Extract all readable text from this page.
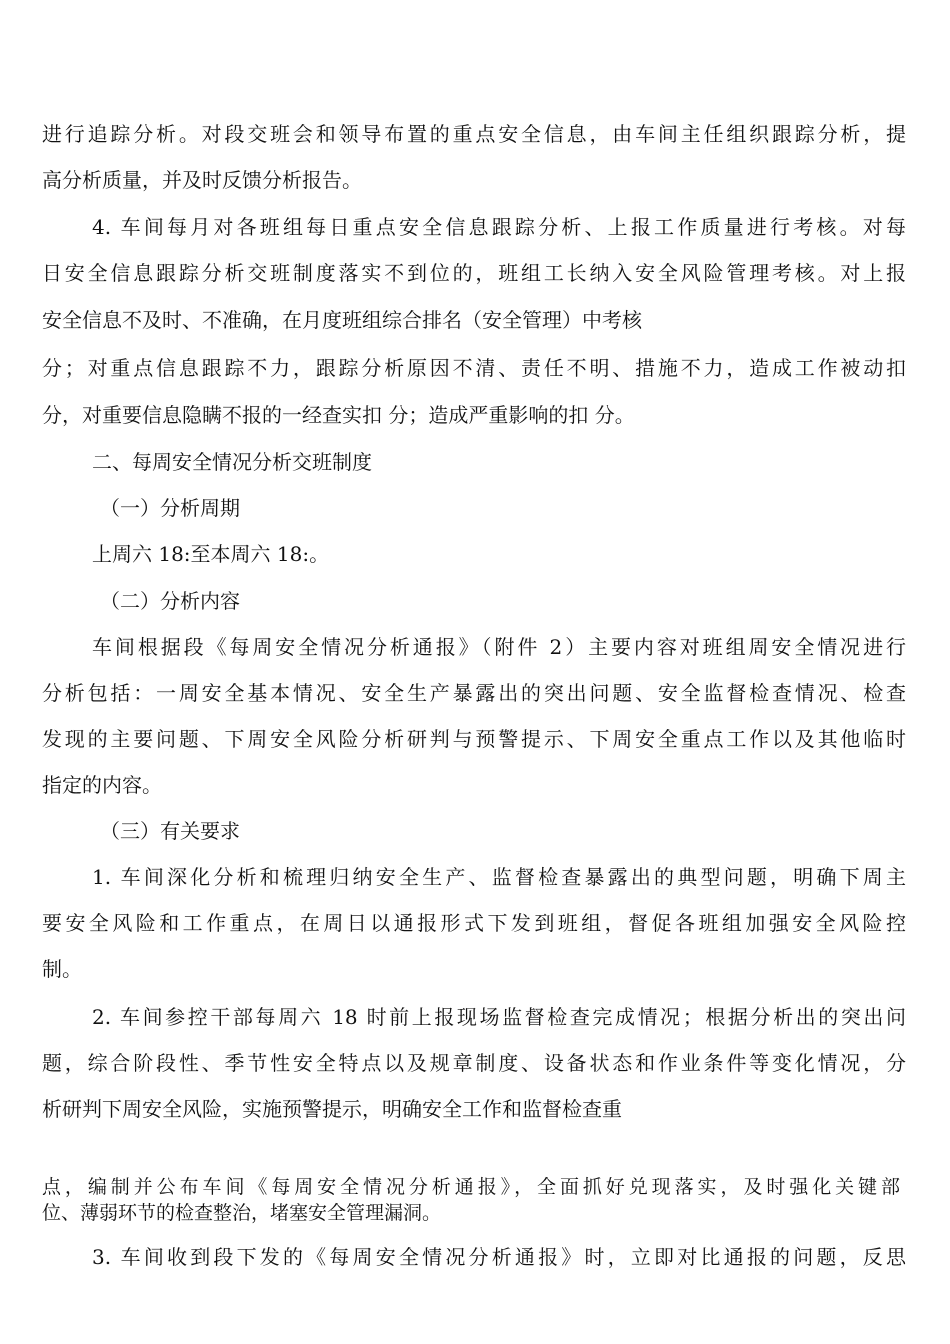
进行追踪分析。对段交班会和领导布置的重点安全信息，由车间主任组织跟踪分析，提
高分析质量，并及时反馈分析报告。
4. 车间每月对各班组每日重点安全信息跟踪分析、上报工作质量进行考核。对每
日安全信息跟踪分析交班制度落实不到位的，班组工长纳入安全风险管理考核。对上报
安全信息不及时、不准确，在月度班组综合排名（安全管理）中考核
分；对重点信息跟踪不力，跟踪分析原因不清、责任不明、措施不力，造成工作被动扣
分，对重要信息隐瞒不报的一经查实扣 分；造成严重影响的扣 分。
二、每周安全情况分析交班制度
（一）分析周期
上周六 18:至本周六 18:。
（二）分析内容
车间根据段《每周安全情况分析通报》（附件 2）主要内容对班组周安全情况进行
分析包括：一周安全基本情况、安全生产暴露出的突出问题、安全监督检查情况、检查
发现的主要问题、下周安全风险分析研判与预警提示、下周安全重点工作以及其他临时
指定的内容。
（三）有关要求
1. 车间深化分析和梳理归纳安全生产、监督检查暴露出的典型问题，明确下周主
要安全风险和工作重点，在周日以通报形式下发到班组，督促各班组加强安全风险控
制。
2. 车间参控干部每周六 18 时前上报现场监督检查完成情况；根据分析出的突出问
题，综合阶段性、季节性安全特点以及规章制度、设备状态和作业条件等变化情况，分
析研判下周安全风险，实施预警提示，明确安全工作和监督检查重
点，编制并公布车间《每周安全情况分析通报》，全面抓好兑现落实，及时强化关键部
位、薄弱环节的检查整治，堵塞安全管理漏洞。
3. 车间收到段下发的《每周安全情况分析通报》时，立即对比通报的问题，反思
